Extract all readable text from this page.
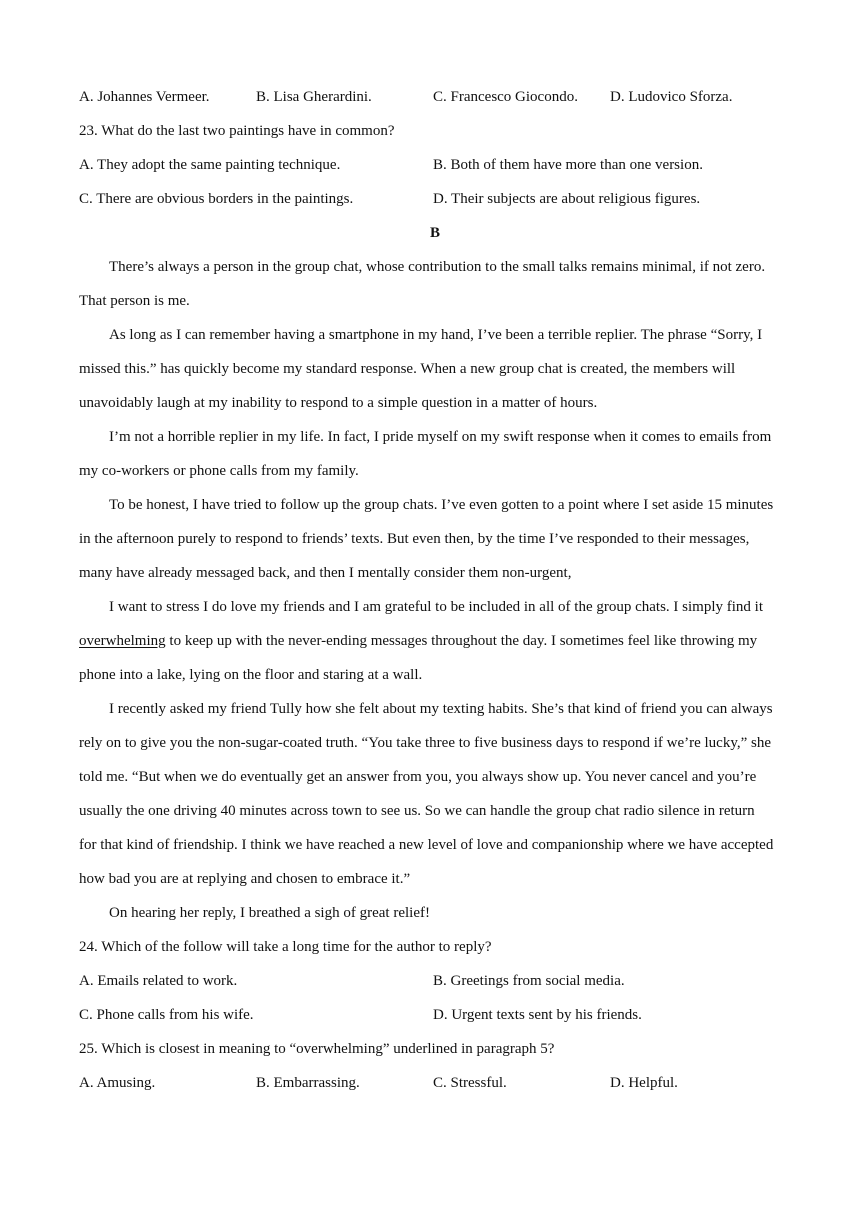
A. Johannes Vermeer.	B. Lisa Gherardini.	C. Francesco Giocondo.	D. Ludovico Sforza.
23. What do the last two paintings have in common?
A. They adopt the same painting technique.	B. Both of them have more than one version.
C. There are obvious borders in the paintings.	D. Their subjects are about religious figures.
B
There’s always a person in the group chat, whose contribution to the small talks remains minimal, if not zero.
That person is me.
As long as I can remember having a smartphone in my hand, I’ve been a terrible replier. The phrase “Sorry, I
missed this.” has quickly become my standard response. When a new group chat is created, the members will
unavoidably laugh at my inability to respond to a simple question in a matter of hours.
I’m not a horrible replier in my life. In fact, I pride myself on my swift response when it comes to emails from
my co-workers or phone calls from my family.
To be honest, I have tried to follow up the group chats. I’ve even gotten to a point where I set aside 15 minutes
in the afternoon purely to respond to friends’ texts. But even then, by the time I’ve responded to their messages,
many have already messaged back, and then I mentally consider them non-urgent,
I want to stress I do love my friends and I am grateful to be included in all of the group chats. I simply find it
overwhelming to keep up with the never-ending messages throughout the day. I sometimes feel like throwing my
phone into a lake, lying on the floor and staring at a wall.
I recently asked my friend Tully how she felt about my texting habits. She’s that kind of friend you can always
rely on to give you the non-sugar-coated truth. “You take three to five business days to respond if we’re lucky,” she
told me. “But when we do eventually get an answer from you, you always show up. You never cancel and you’re
usually the one driving 40 minutes across town to see us. So we can handle the group chat radio silence in return
for that kind of friendship. I think we have reached a new level of love and companionship where we have accepted
how bad you are at replying and chosen to embrace it.”
On hearing her reply, I breathed a sigh of great relief!
24. Which of the follow will take a long time for the author to reply?
A. Emails related to work.	B. Greetings from social media.
C. Phone calls from his wife.	D. Urgent texts sent by his friends.
25. Which is closest in meaning to “overwhelming” underlined in paragraph 5?
A. Amusing.	B. Embarrassing.	C. Stressful.	D. Helpful.
